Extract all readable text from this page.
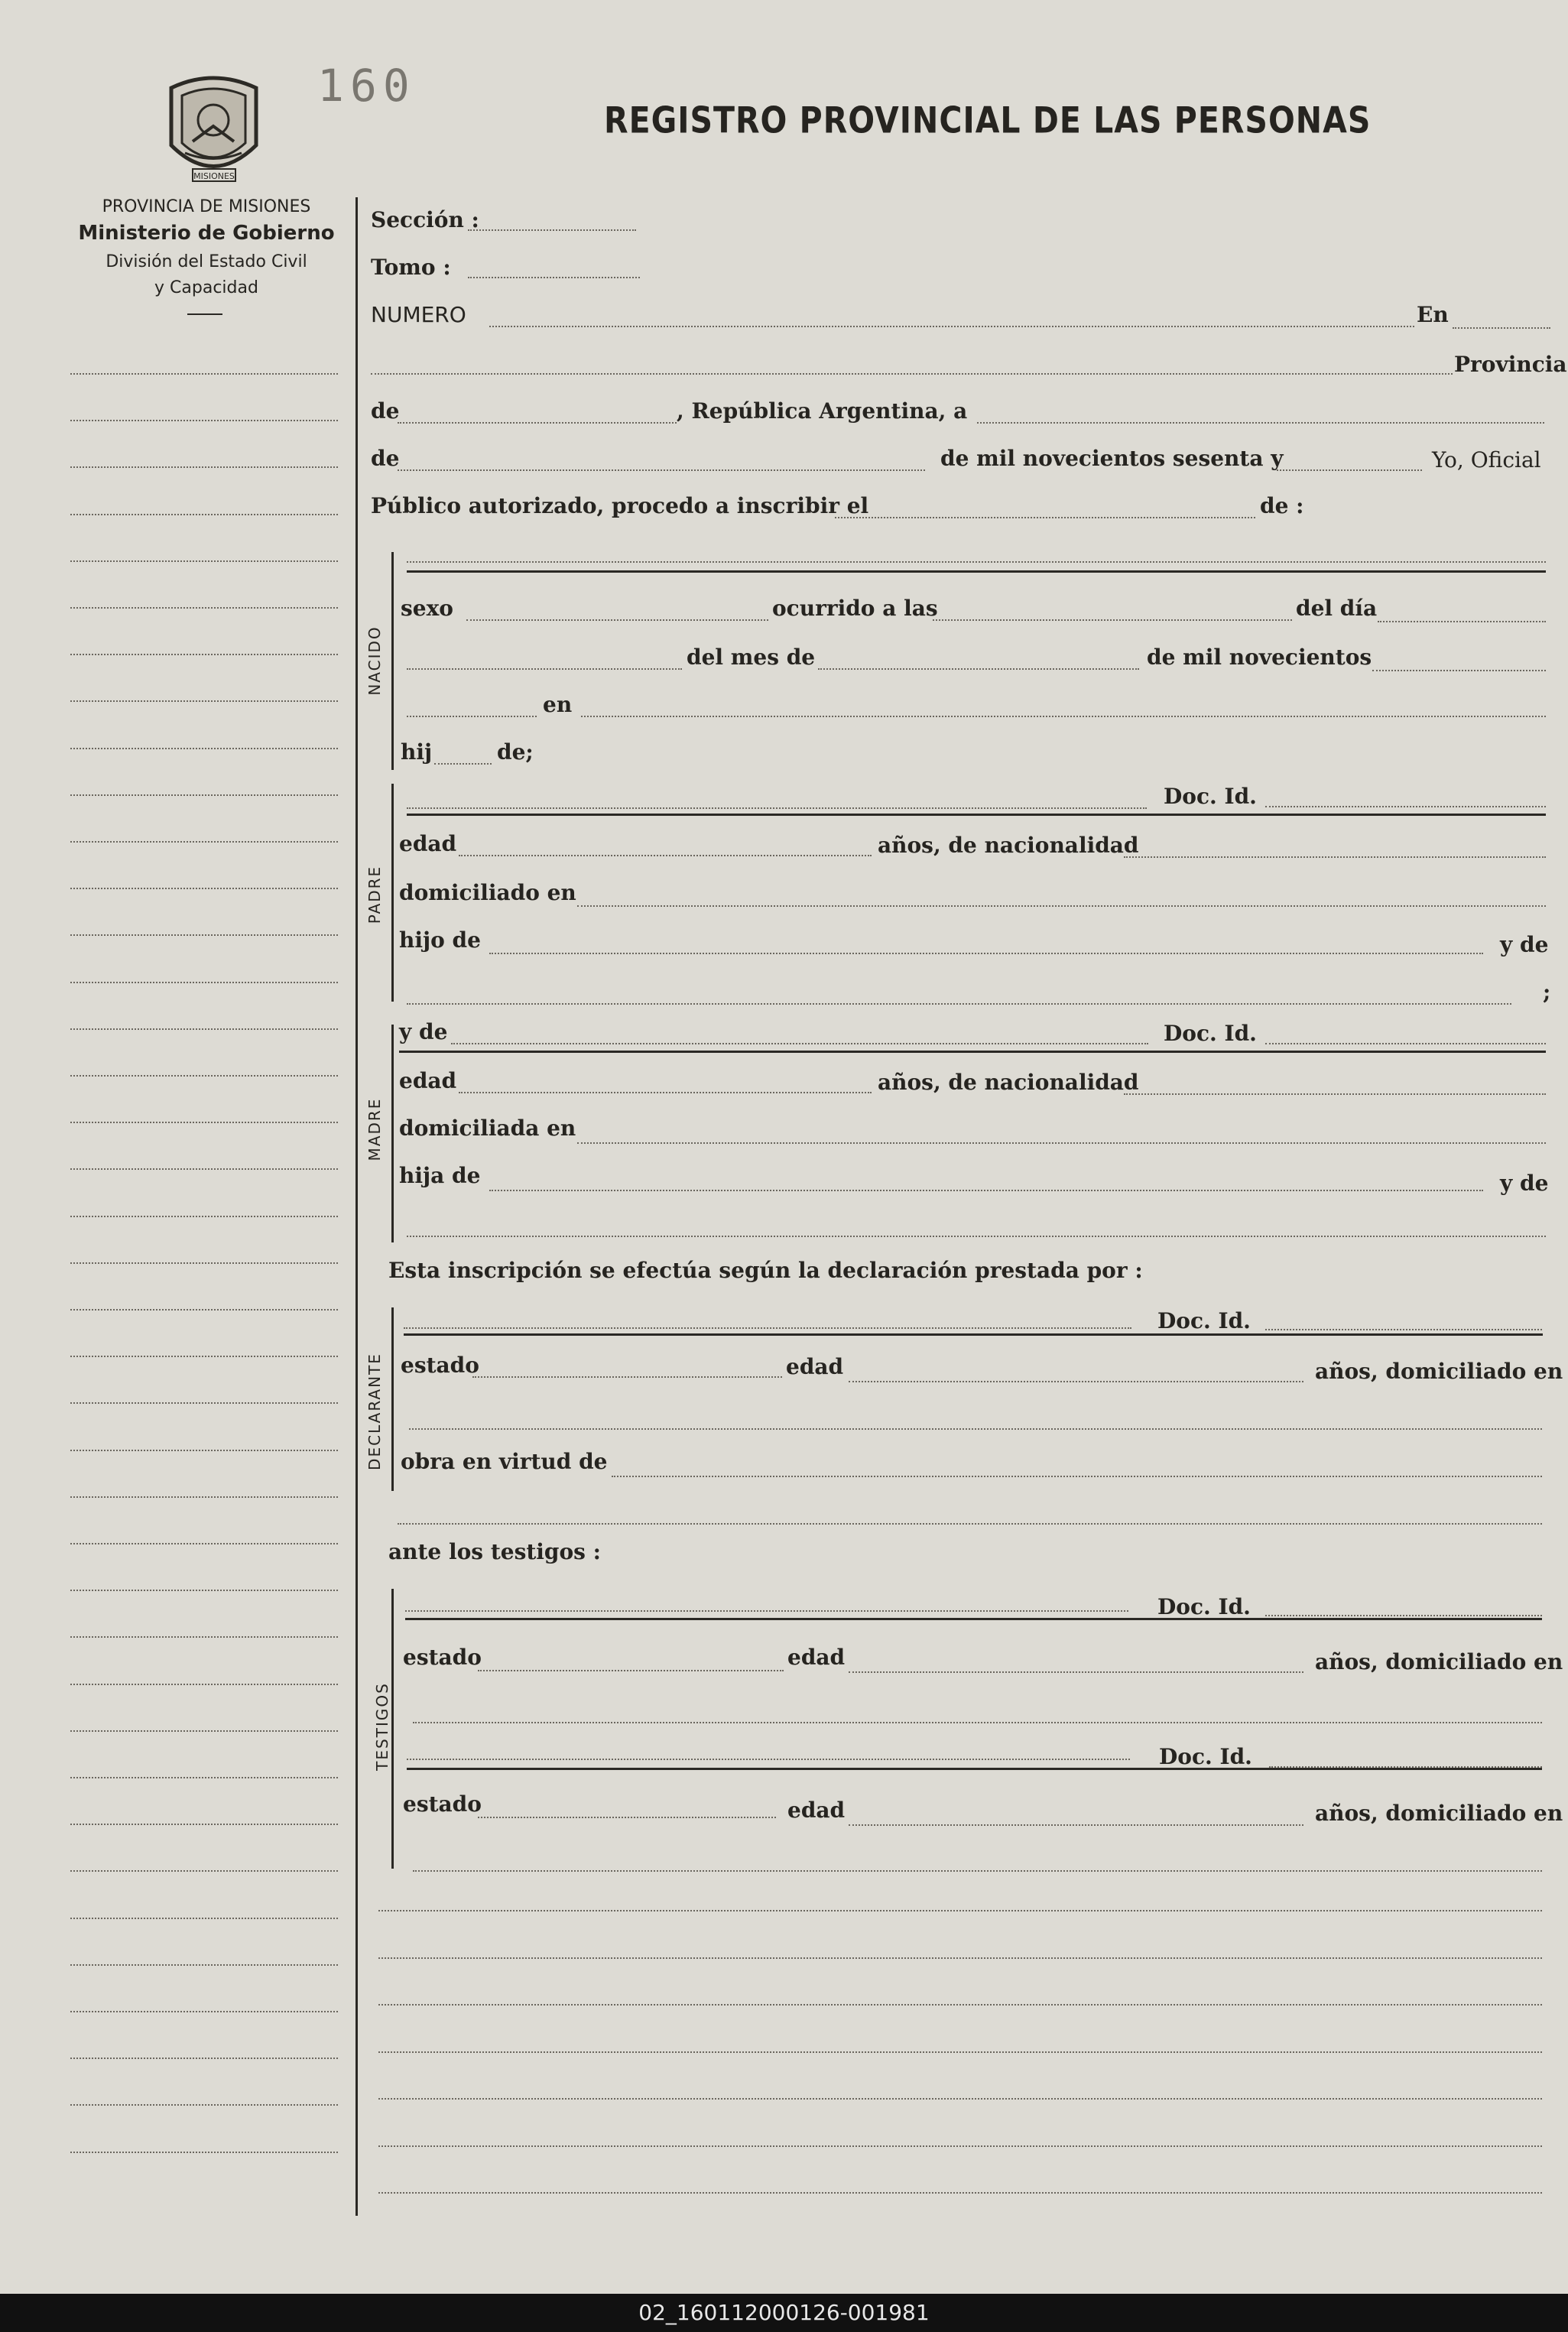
MISIONES
160
REGISTRO PROVINCIAL DE LAS PERSONAS
PROVINCIA DE MISIONES
Ministerio de Gobierno
División del Estado Civil
y Capacidad
Sección :
Tomo :
NUMERO	En
Provincia
de	, República Argentina, a
de	de mil novecientos sesenta y	Yo, Oficial
Público autorizado, procedo a inscribir el	de :
NACIDO
sexo	ocurrido a las	del día
del mes de	de mil novecientos
en
hij	de;
PADRE
Doc. Id.
edad	años, de nacionalidad
domiciliado en
hijo de	y de
;
MADRE
y de	Doc. Id.
edad	años, de nacionalidad
domiciliada en
hija de	y de
Esta inscripción se efectúa según la declaración prestada por :
DECLARANTE
Doc. Id.
estado	edad	años, domiciliado en
obra en virtud de
ante los testigos :
TESTIGOS
Doc. Id.
estado	edad	años, domiciliado en
Doc. Id.
estado	edad	años, domiciliado en
02_160112000126-001981
